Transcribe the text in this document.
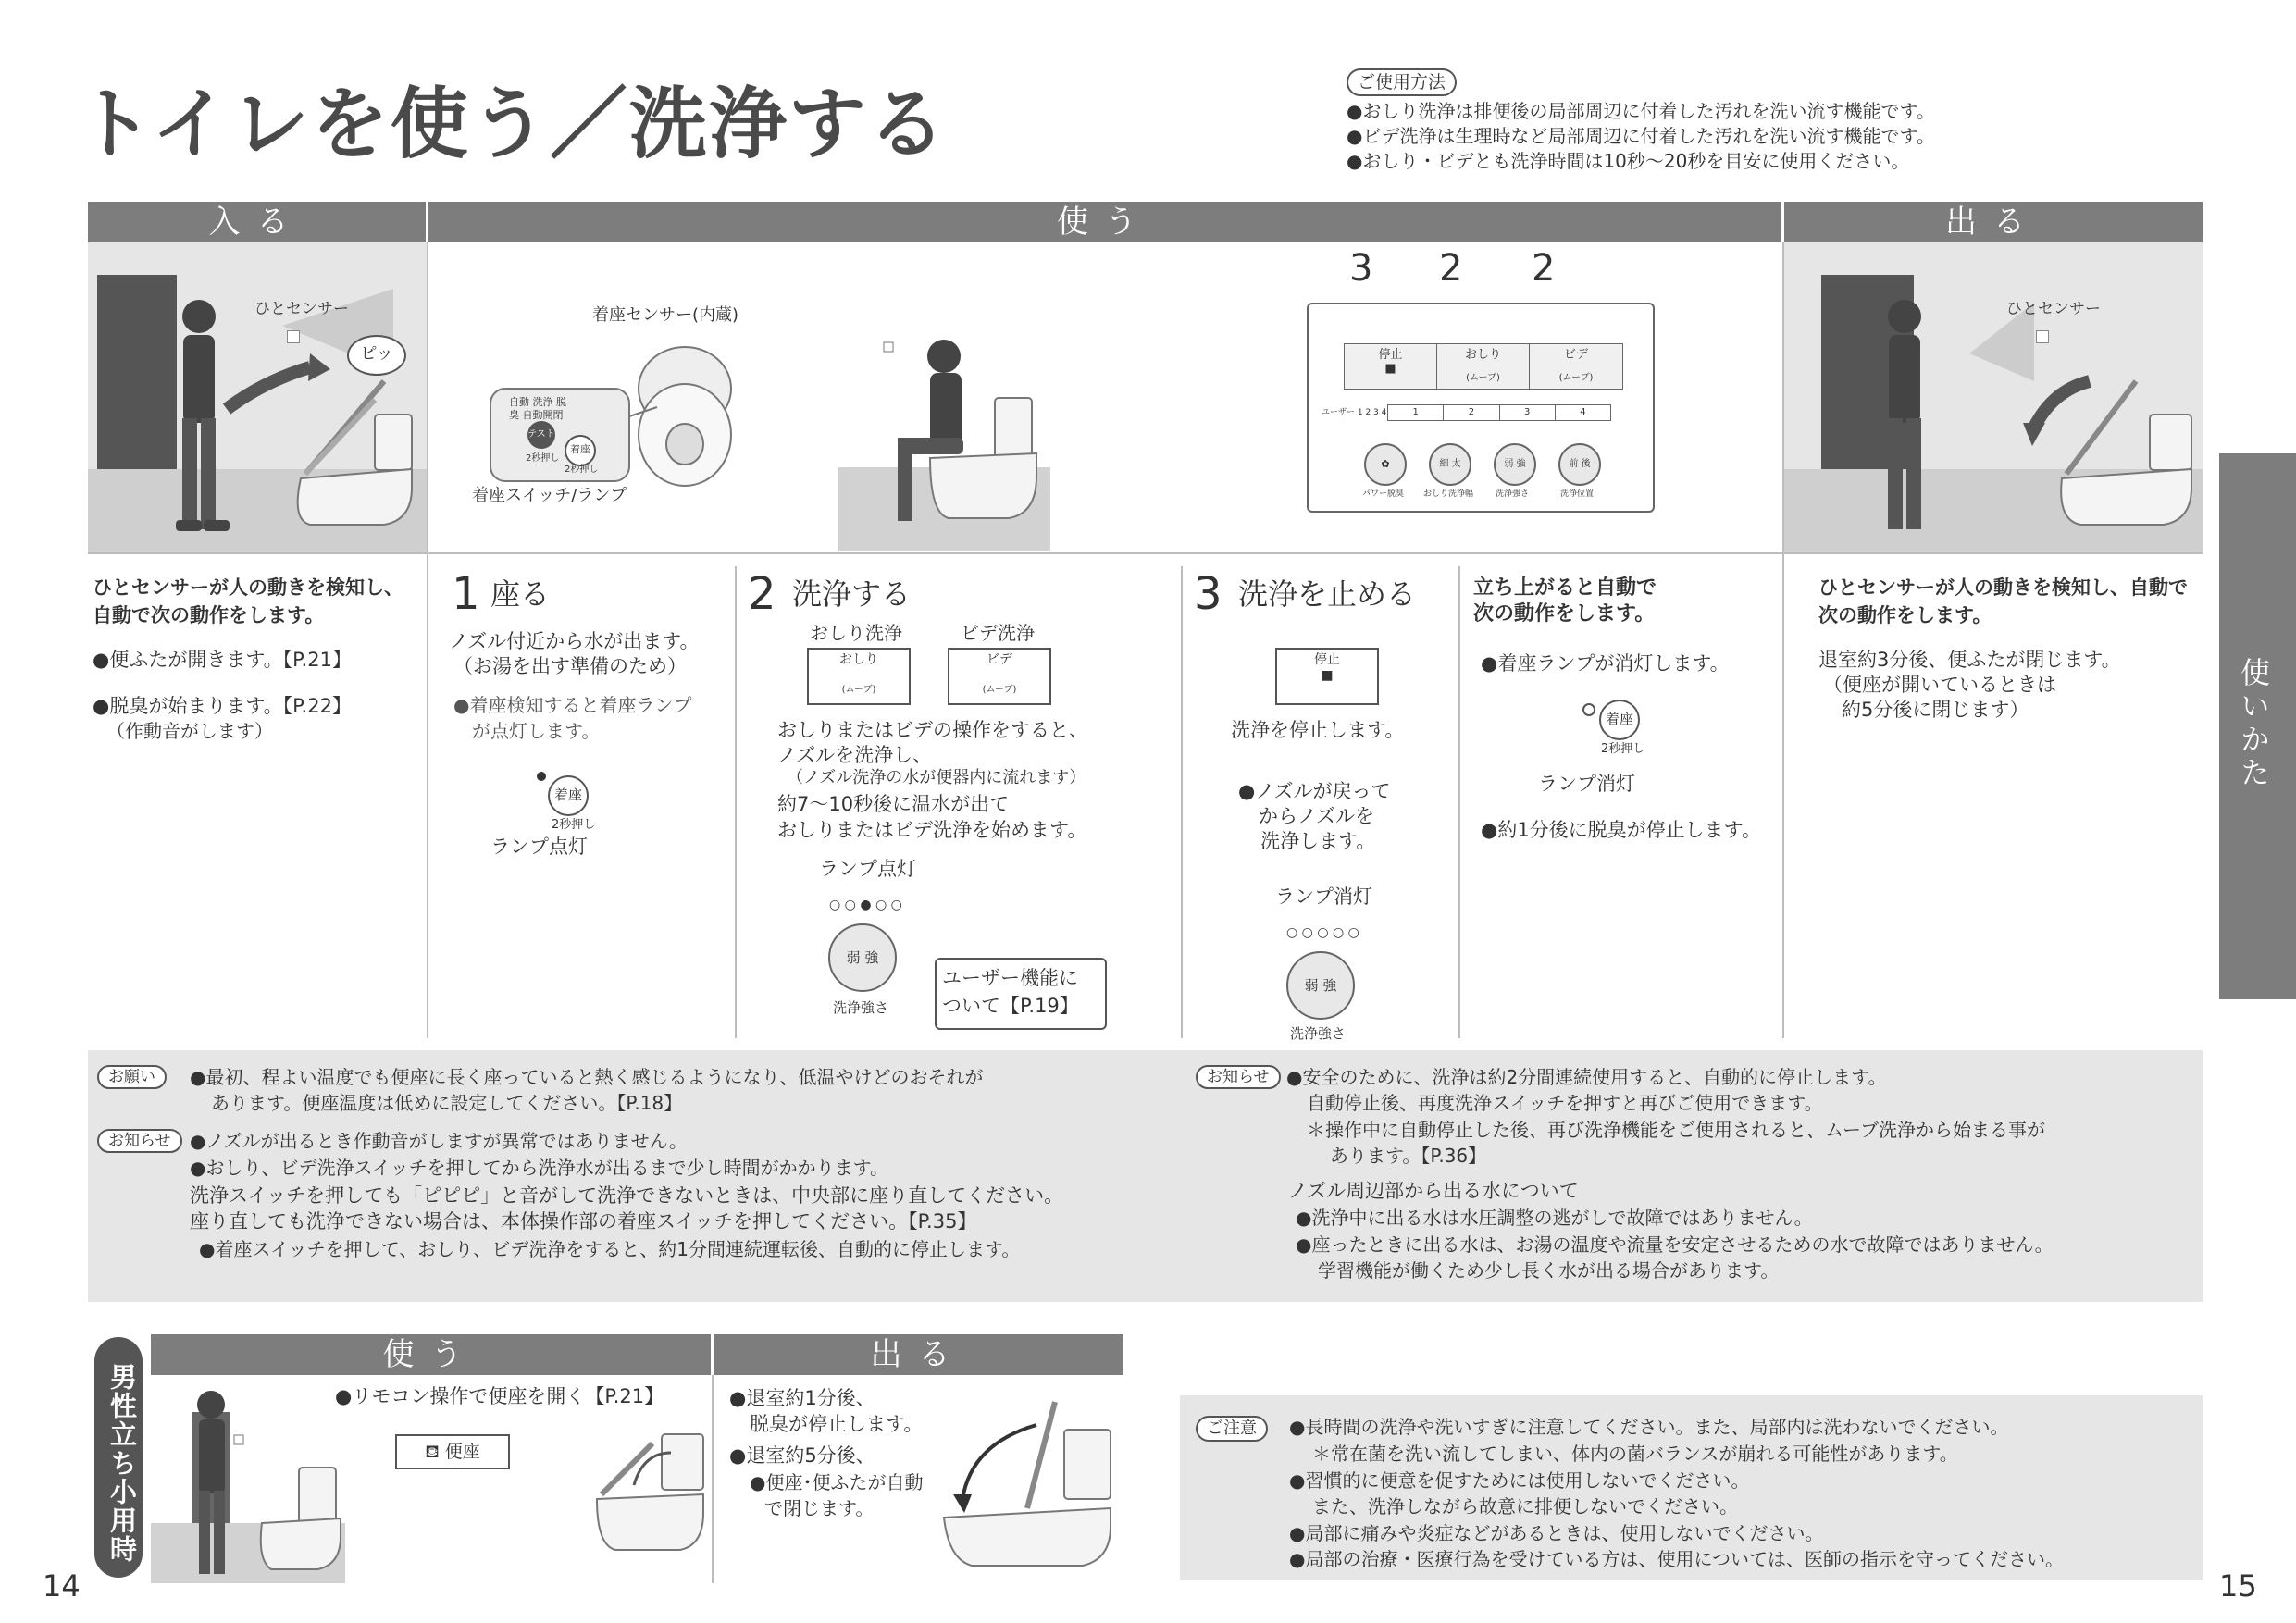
トイレを使う／洗浄する	ご使用方法
●おしり洗浄は排便後の局部周辺に付着した汚れを洗い流す機能です。
●ビデ洗浄は生理時など局部周辺に付着した汚れを洗い流す機能です。
●おしり・ビデとも洗浄時間は10秒〜20秒を目安に使用ください。
入る	使う	出る
ひとセンサー
ピッ
着座センサー(内蔵)
自動 洗浄 脱臭 自動開閉
テスト
2秒押し
着座
2秒押し
着座スイッチ/ランプ
3 2 2
停止
■
おしり
(ムーブ)
ビデ
(ムーブ)
ユーザー 1 2 3 4	1	2	3	4
✿	細 太	弱 強	前 後
パワー脱臭 おしり洗浄幅	洗浄強さ	洗浄位置
ひとセンサー
ひとセンサーが人の動きを検知し、自動で次の動作をします。
●便ふたが開きます。【P.21】
●脱臭が始まります。【P.22】
（作動音がします）
1 座る
ノズル付近から水が出ます。
（お湯を出す準備のため）
●着座検知すると着座ランプ
が点灯します。
着座
2秒押し
ランプ点灯
2 洗浄する
おしり洗浄	ビデ洗浄
おしり
(ムーブ)
ビデ
(ムーブ)
おしりまたはビデの操作をすると、
ノズルを洗浄し、
（ノズル洗浄の水が便器内に流れます）
約7〜10秒後に温水が出て
おしりまたはビデ洗浄を始めます。
ランプ点灯
○ ○ ● ○ ○
弱 強
洗浄強さ
ユーザー機能に
ついて【P.19】
3 洗浄を止める
停止
■
洗浄を停止します。
●ノズルが戻って
からノズルを
洗浄します。
ランプ消灯
○ ○ ○ ○ ○
弱 強
洗浄強さ
立ち上がると自動で
次の動作をします。
●着座ランプが消灯します。
着座
2秒押し
ランプ消灯
●約1分後に脱臭が停止します。
ひとセンサーが人の動きを検知し、自動で次の動作をします。
退室約3分後、便ふたが閉じます。
（便座が開いているときは
約5分後に閉じます）	使いかた
お願い	●最初、程よい温度でも便座に長く座っていると熱く感じるようになり、低温やけどのおそれが
あります。便座温度は低めに設定してください。【P.18】
お知らせ	●ノズルが出るとき作動音がしますが異常ではありません。
●おしり、ビデ洗浄スイッチを押してから洗浄水が出るまで少し時間がかかります。
洗浄スイッチを押しても「ピピピ」と音がして洗浄できないときは、中央部に座り直してください。
座り直しても洗浄できない場合は、本体操作部の着座スイッチを押してください。【P.35】
●着座スイッチを押して、おしり、ビデ洗浄をすると、約1分間連続運転後、自動的に停止します。
お知らせ ●安全のために、洗浄は約2分間連続使用すると、自動的に停止します。
自動停止後、再度洗浄スイッチを押すと再びご使用できます。
＊操作中に自動停止した後、再び洗浄機能をご使用されると、ムーブ洗浄から始まる事が
あります。【P.36】
ノズル周辺部から出る水について
●洗浄中に出る水は水圧調整の逃がしで故障ではありません。
●座ったときに出る水は、お湯の温度や流量を安定させるための水で故障ではありません。
学習機能が働くため少し長く水が出る場合があります。
男性立ち小用時
使う	出る
●リモコン操作で便座を開く【P.21】
⛾ 便座
●退室約1分後、
脱臭が停止します。
●退室約5分後、
●便座･便ふたが自動
で閉じます。
ご注意	●長時間の洗浄や洗いすぎに注意してください。また、局部内は洗わないでください。
＊常在菌を洗い流してしまい、体内の菌バランスが崩れる可能性があります。
●習慣的に便意を促すためには使用しないでください。
また、洗浄しながら故意に排便しないでください。
●局部に痛みや炎症などがあるときは、使用しないでください。
●局部の治療・医療行為を受けている方は、使用については、医師の指示を守ってください。
14	15
